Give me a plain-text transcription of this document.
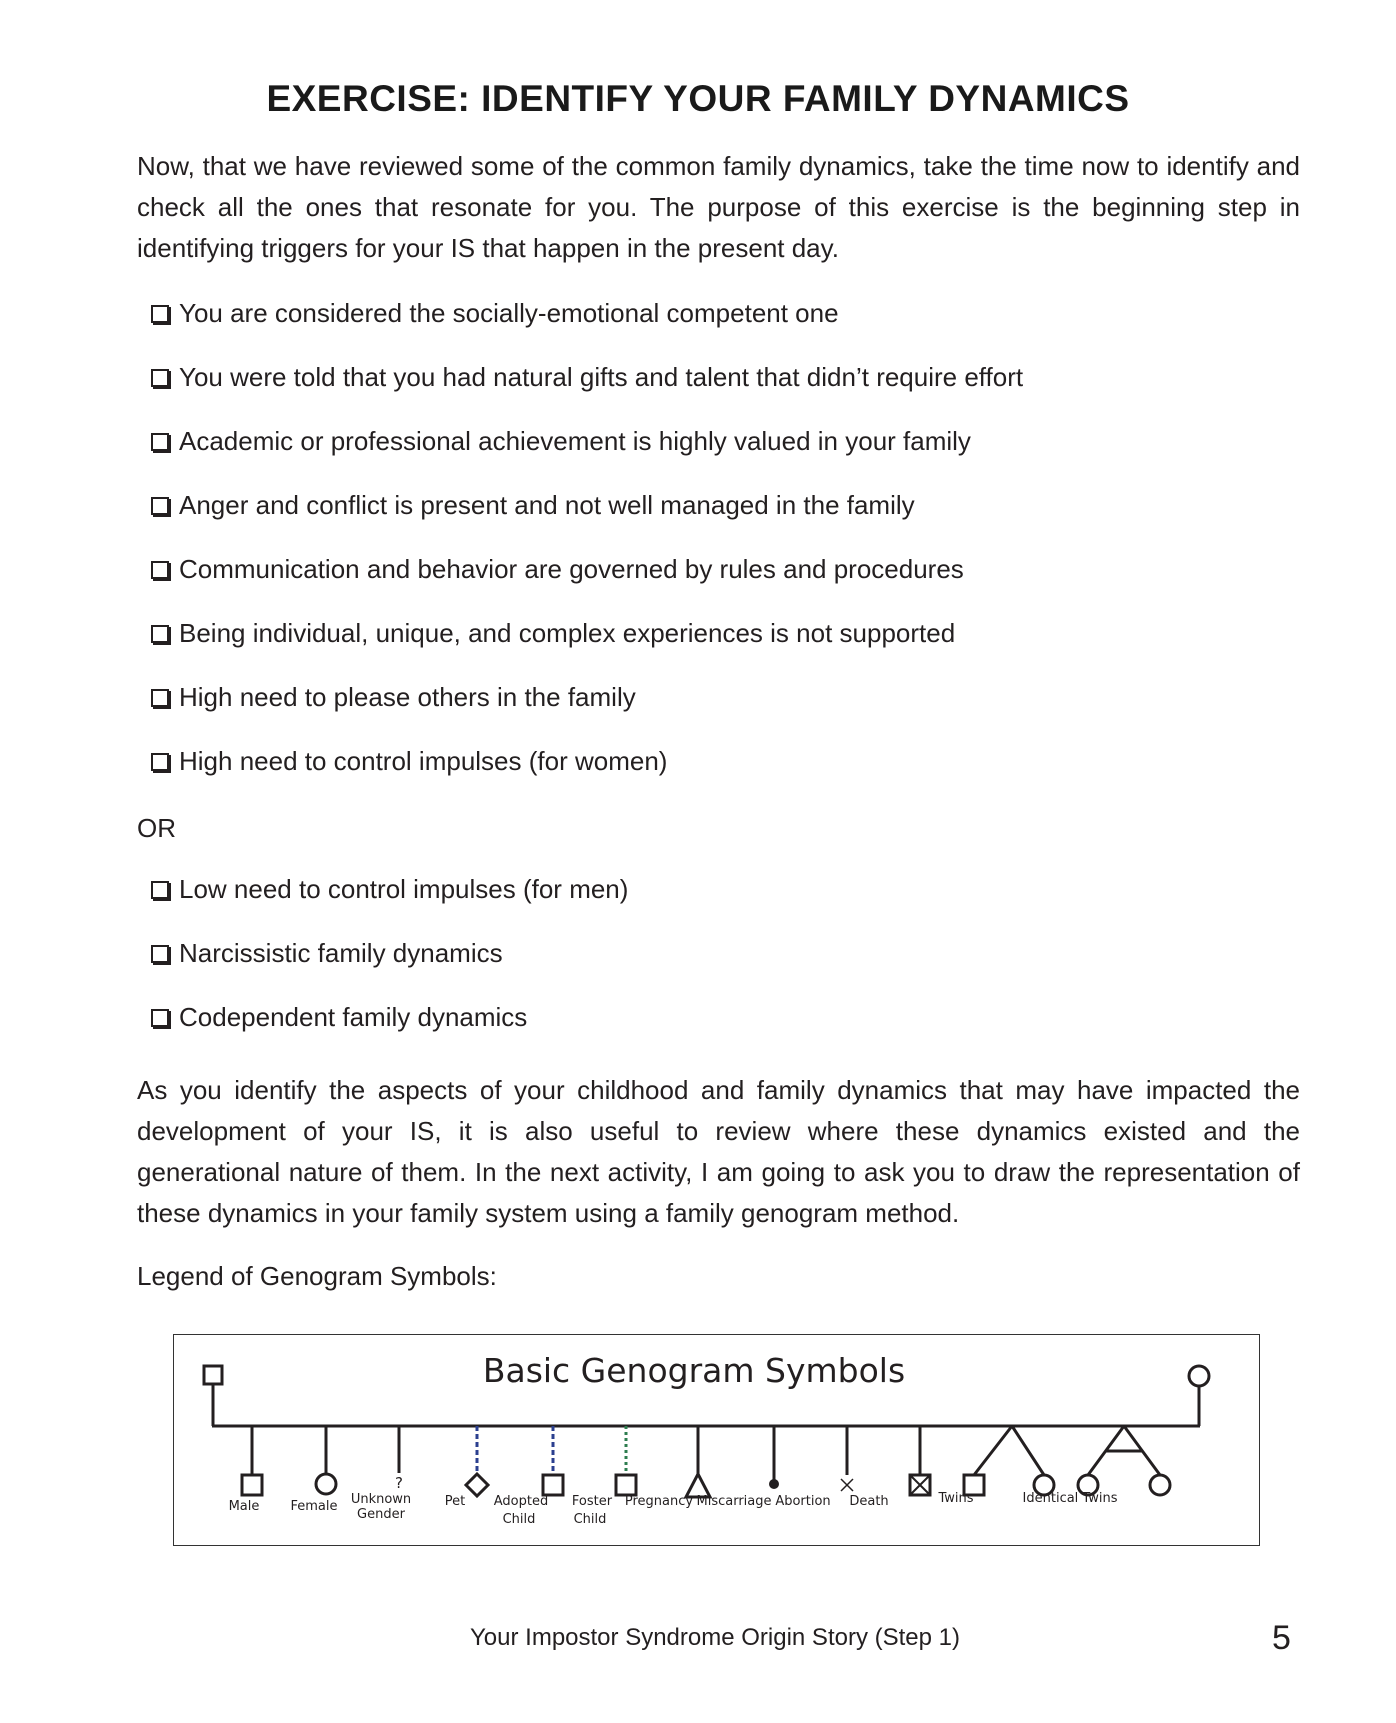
EXERCISE: IDENTIFY YOUR FAMILY DYNAMICS

Now, that we have reviewed some of the common family dynamics, take the time now to identify and check all the ones that resonate for you. The purpose of this exercise is the beginning step in identifying triggers for your IS that happen in the present day.

You are considered the socially-emotional competent one
You were told that you had natural gifts and talent that didn’t require effort
Academic or professional achievement is highly valued in your family
Anger and conflict is present and not well managed in the family
Communication and behavior are governed by rules and procedures
Being individual, unique, and complex experiences is not supported
High need to please others in the family
High need to control impulses (for women)

OR

Low need to control impulses (for men)
Narcissistic family dynamics
Codependent family dynamics

As you identify the aspects of your childhood and family dynamics that may have impacted the development of your IS, it is also useful to review where these dynamics existed and the generational nature of them. In the next activity, I am going to ask you to draw the representation of these dynamics in your family system using a family genogram method.

Legend of Genogram Symbols:

Basic Genogram Symbols
?
Male Female Unknown
Gender
Pet Adopted
Child
Foster
Child
Pregnancy Miscarriage Abortion Death	Twins	Identical Twins

Your Impostor Syndrome Origin Story (Step 1)	5
